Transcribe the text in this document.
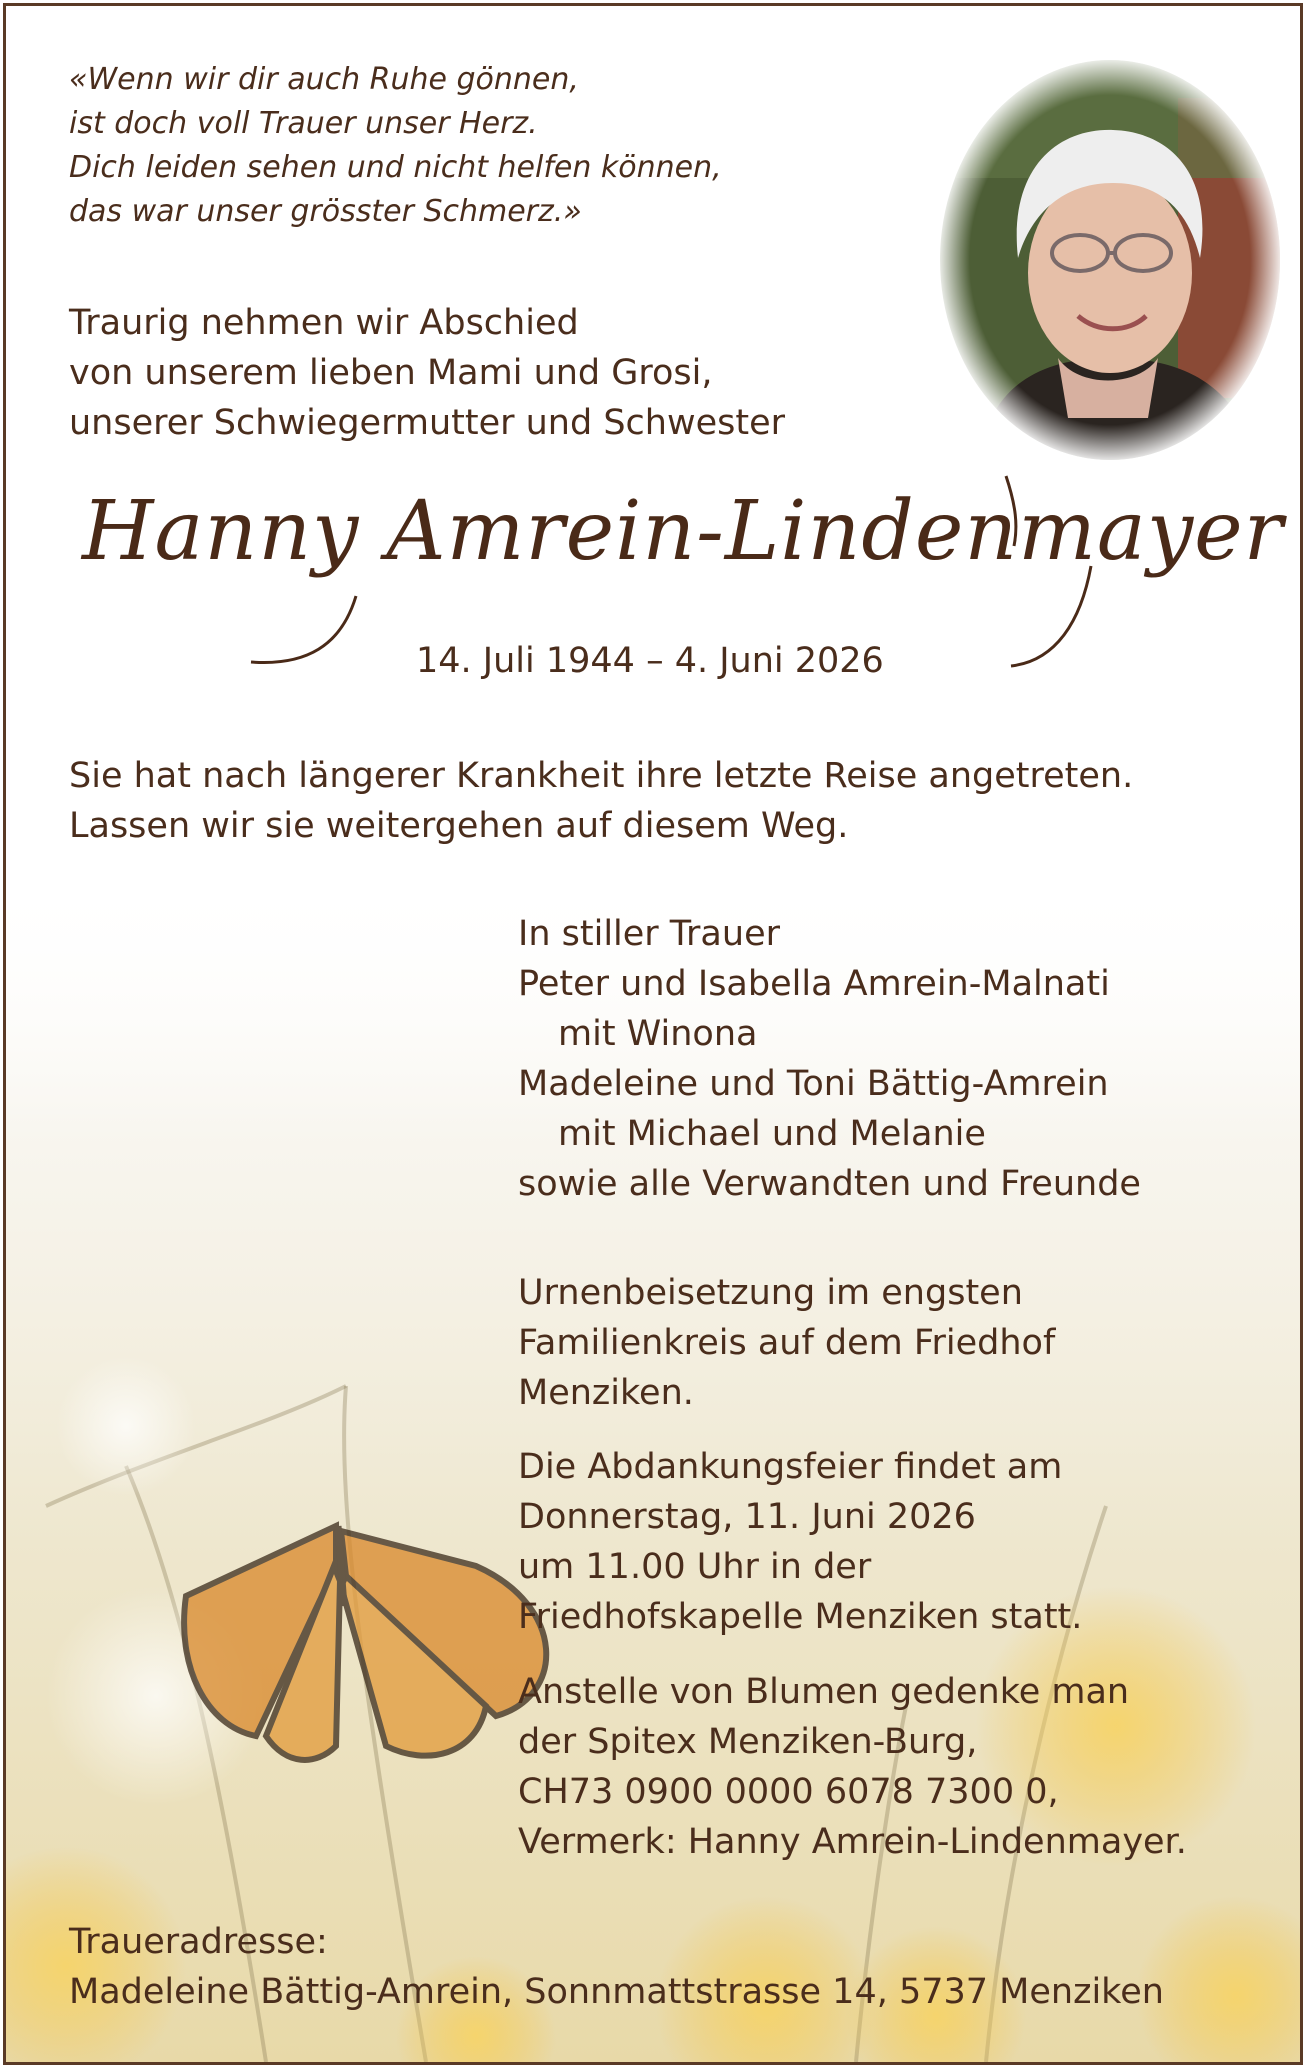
«Wenn wir dir auch Ruhe gönnen,
ist doch voll Trauer unser Herz.
Dich leiden sehen und nicht helfen können,
das war unser grösster Schmerz.»
Traurig nehmen wir Abschied
von unserem lieben Mami und Grosi,
unserer Schwiegermutter und Schwester
Hanny Amrein-Lindenmayer
14. Juli 1944 – 4. Juni 2026
Sie hat nach längerer Krankheit ihre letzte Reise angetreten.
Lassen wir sie weitergehen auf diesem Weg.
In stiller Trauer
Peter und Isabella Amrein-Malnati
mit Winona
Madeleine und Toni Bättig-Amrein
mit Michael und Melanie
sowie alle Verwandten und Freunde
Urnenbeisetzung im engsten
Familienkreis auf dem Friedhof
Menziken.
Die Abdankungsfeier findet am
Donnerstag, 11. Juni 2026
um 11.00 Uhr in der
Friedhofskapelle Menziken statt.
Anstelle von Blumen gedenke man
der Spitex Menziken-Burg,
CH73 0900 0000 6078 7300 0,
Vermerk: Hanny Amrein-Lindenmayer.
Traueradresse:
Madeleine Bättig-Amrein, Sonnmattstrasse 14, 5737 Menziken
